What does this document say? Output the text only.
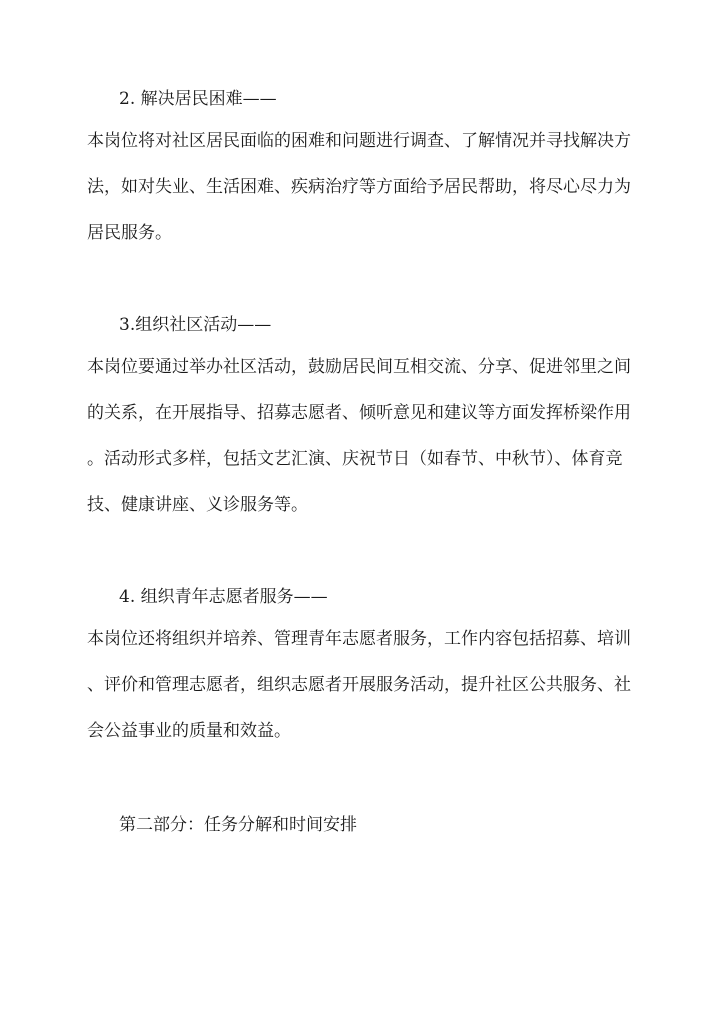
2. 解决居民困难——
本岗位将对社区居民面临的困难和问题进行调查、了解情况并寻找解决方
法，如对失业、生活困难、疾病治疗等方面给予居民帮助，将尽心尽力为
居民服务。
3.组织社区活动——
本岗位要通过举办社区活动，鼓励居民间互相交流、分享、促进邻里之间
的关系，在开展指导、招募志愿者、倾听意见和建议等方面发挥桥梁作用
。活动形式多样，包括文艺汇演、庆祝节日（如春节、中秋节）、体育竞
技、健康讲座、义诊服务等。
4. 组织青年志愿者服务——
本岗位还将组织并培养、管理青年志愿者服务，工作内容包括招募、培训
、评价和管理志愿者，组织志愿者开展服务活动，提升社区公共服务、社
会公益事业的质量和效益。
第二部分：任务分解和时间安排
